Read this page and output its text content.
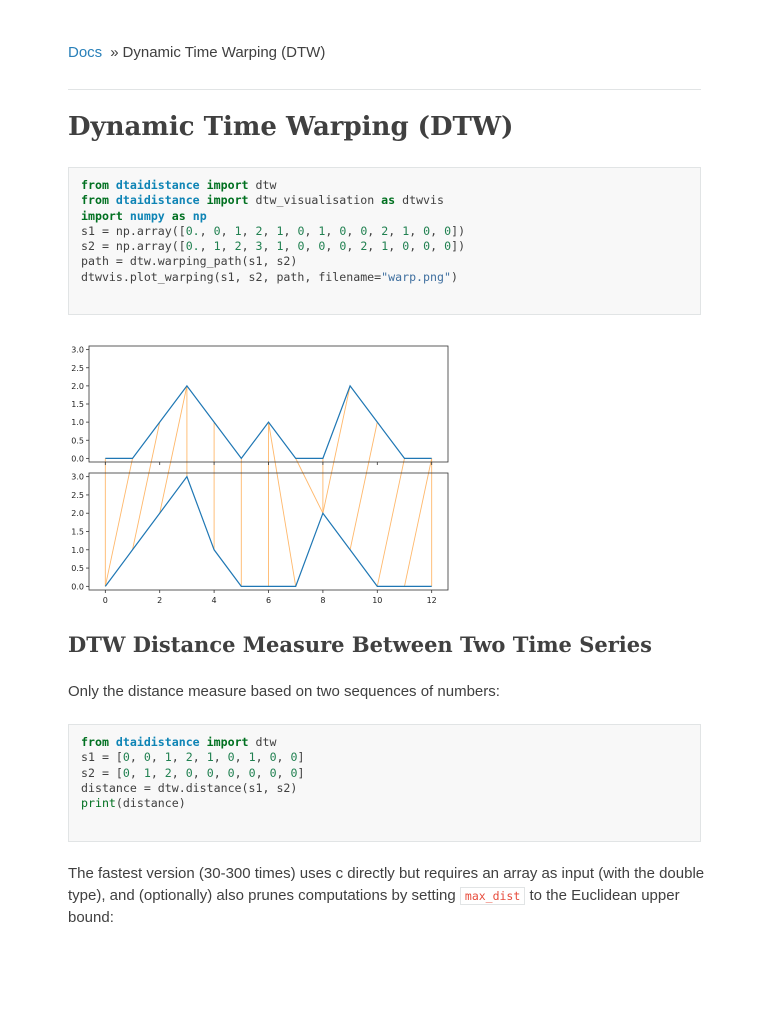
Docs » Dynamic Time Warping (DTW)
Dynamic Time Warping (DTW)
from dtaidistance import dtw
from dtaidistance import dtw_visualisation as dtwvis
import numpy as np
s1 = np.array([0., 0, 1, 2, 1, 0, 1, 0, 0, 2, 1, 0, 0])
s2 = np.array([0., 1, 2, 3, 1, 0, 0, 0, 2, 1, 0, 0, 0])
path = dtw.warping_path(s1, s2)
dtwvis.plot_warping(s1, s2, path, filename="warp.png")
0.0
0.5
1.0
1.5
2.0
2.5
3.0
0.0
0.5
1.0
1.5
2.0
2.5
3.0
0	2	4	6	8	10	12
DTW Distance Measure Between Two Time Series

Only the distance measure based on two sequences of numbers:

from dtaidistance import dtw
s1 = [0, 0, 1, 2, 1, 0, 1, 0, 0]
s2 = [0, 1, 2, 0, 0, 0, 0, 0, 0]
distance = dtw.distance(s1, s2)
print(distance)

The fastest version (30-300 times) uses c directly but requires an array as input (with the double type), and (optionally) also prunes computations by setting max_dist to the Euclidean upper bound:
